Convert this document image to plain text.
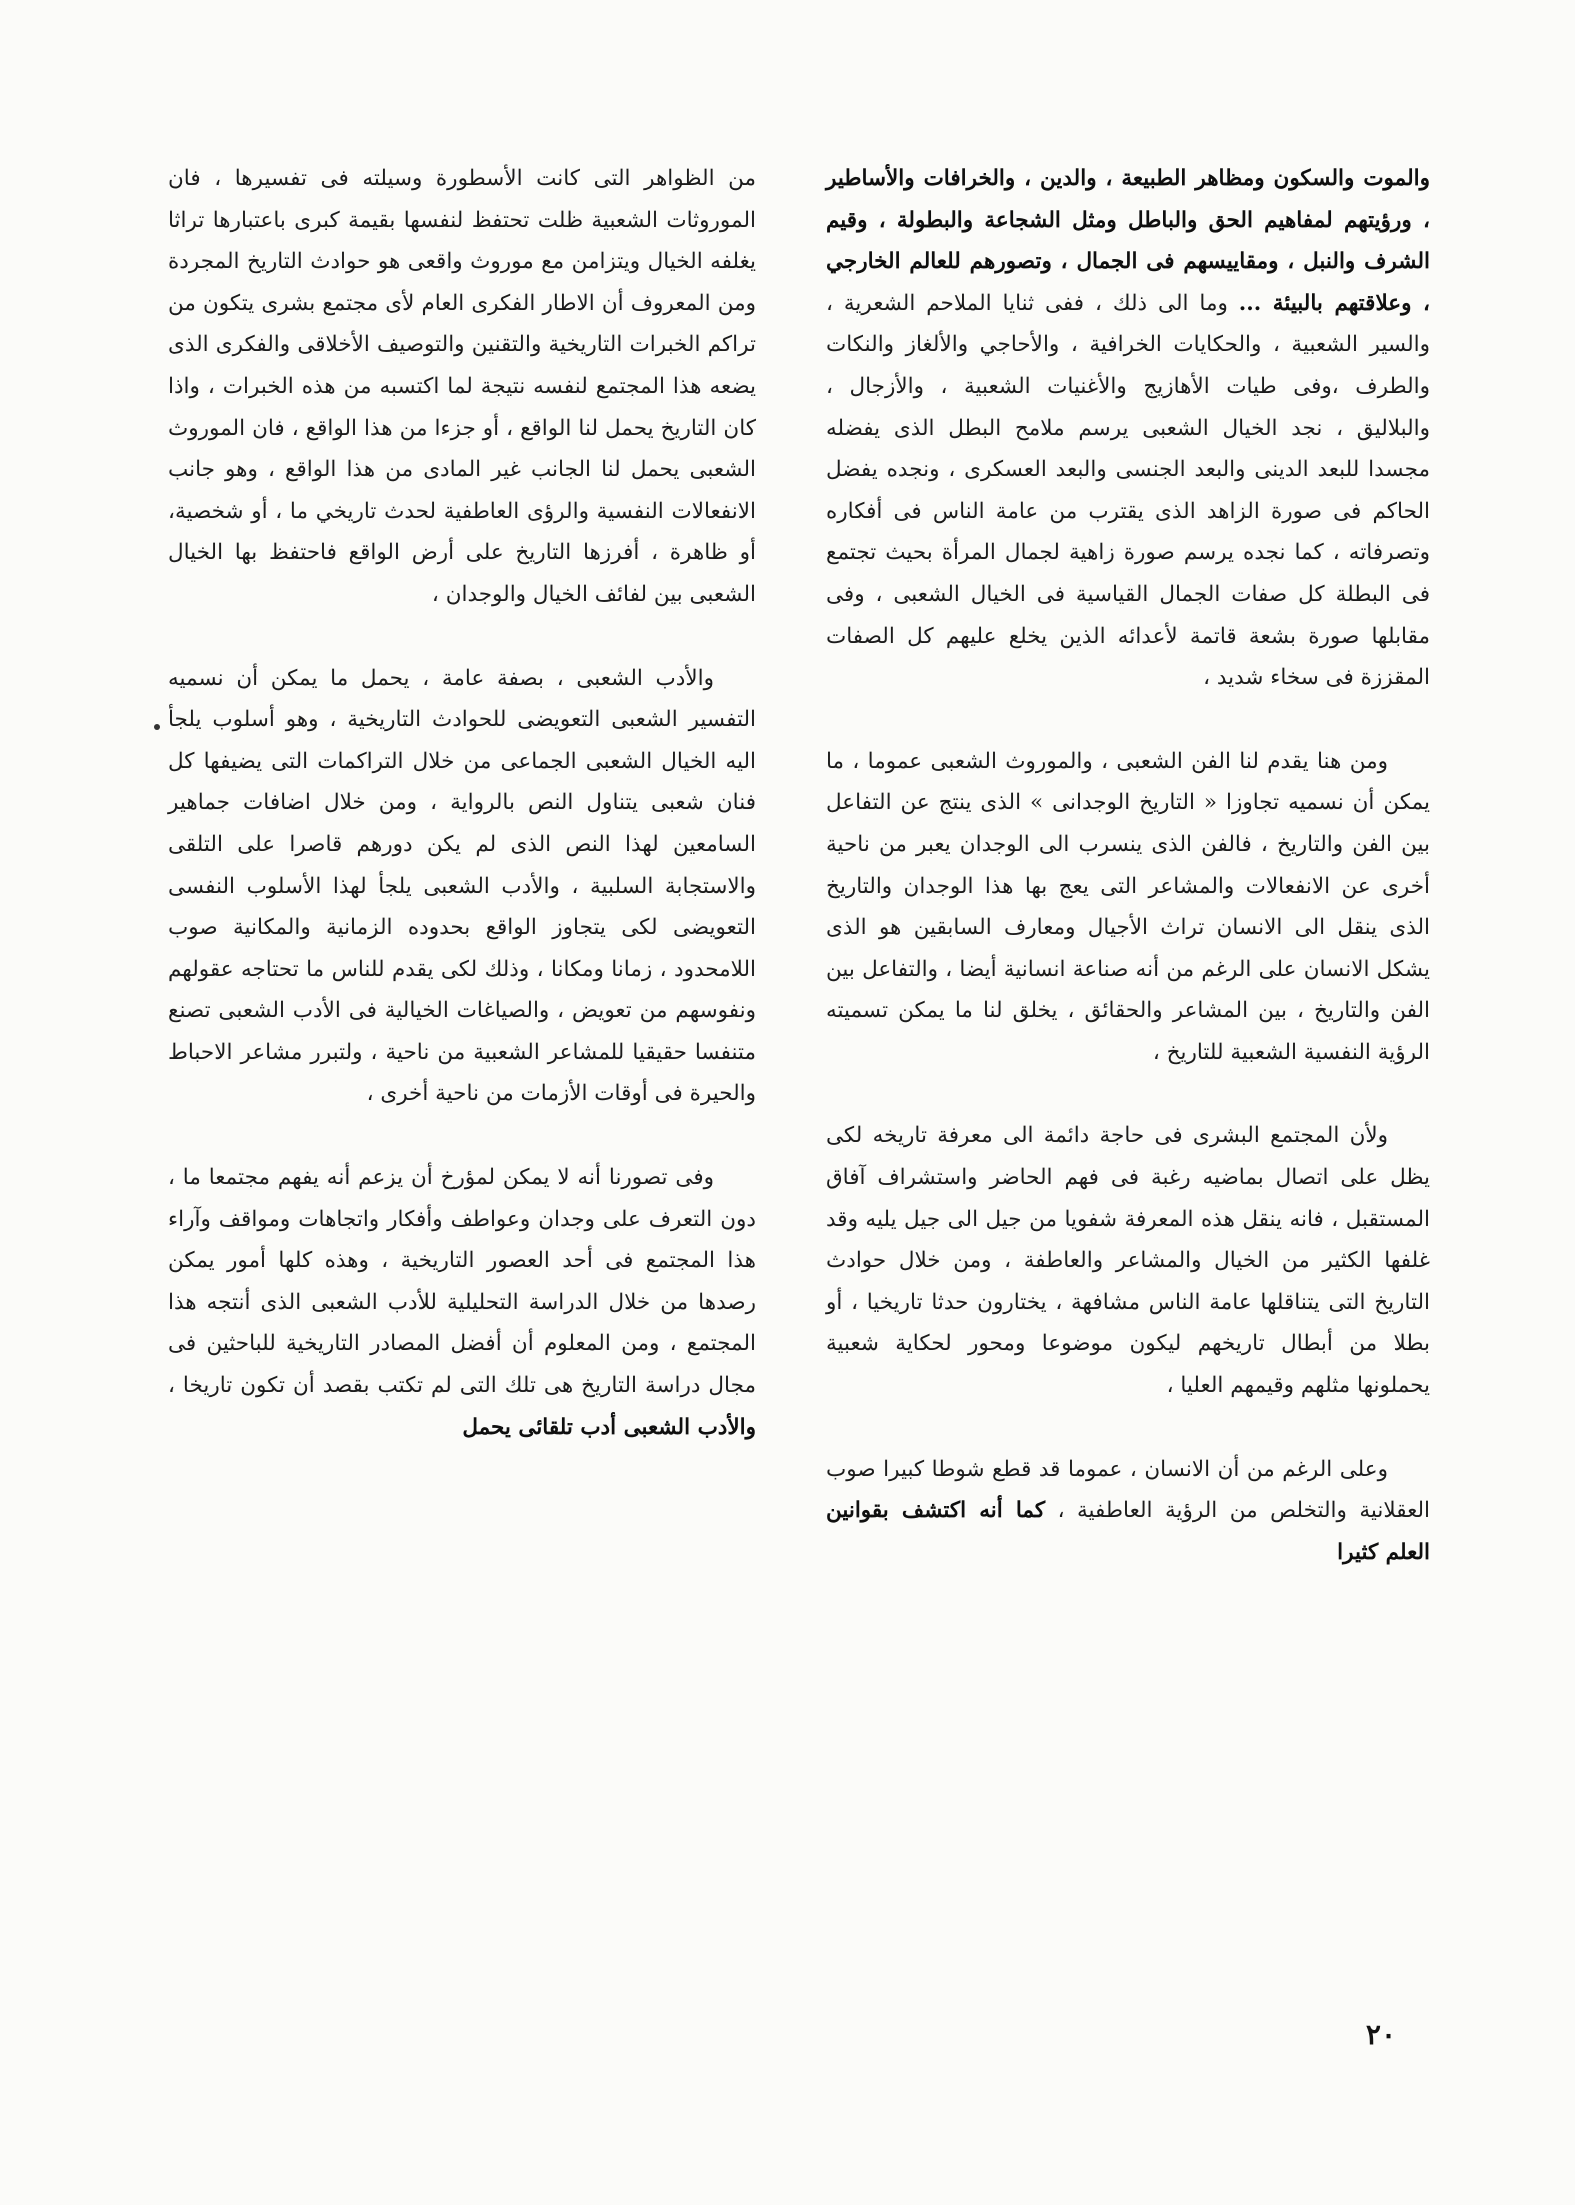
والموت والسكون ومظاهر الطبيعة ، والدين ، والخرافات والأساطير ، ورؤيتهم لمفاهيم الحق والباطل ومثل الشجاعة والبطولة ، وقيم الشرف والنبل ، ومقاييسهم فى الجمال ، وتصورهم للعالم الخارجي ، وعلاقتهم بالبيئة ... وما الى ذلك ، ففى ثنايا الملاحم الشعرية ، والسير الشعبية ، والحكايات الخرافية ، والأحاجي والألغاز والنكات والطرف ،وفى طيات الأهازيج والأغنيات الشعبية ، والأزجال ، والبلاليق ، نجد الخيال الشعبى يرسم ملامح البطل الذى يفضله مجسدا للبعد الدينى والبعد الجنسى والبعد العسكرى ، ونجده يفضل الحاكم فى صورة الزاهد الذى يقترب من عامة الناس فى أفكاره وتصرفاته ، كما نجده يرسم صورة زاهية لجمال المرأة بحيث تجتمع فى البطلة كل صفات الجمال القياسية فى الخيال الشعبى ، وفى مقابلها صورة بشعة قاتمة لأعدائه الذين يخلع عليهم كل الصفات المقززة فى سخاء شديد ،

ومن هنا يقدم لنا الفن الشعبى ، والموروث الشعبى عموما ، ما يمكن أن نسميه تجاوزا « التاريخ الوجدانى » الذى ينتج عن التفاعل بين الفن والتاريخ ، فالفن الذى ينسرب الى الوجدان يعبر من ناحية أخرى عن الانفعالات والمشاعر التى يعج بها هذا الوجدان والتاريخ الذى ينقل الى الانسان تراث الأجيال ومعارف السابقين هو الذى يشكل الانسان على الرغم من أنه صناعة انسانية أيضا ، والتفاعل بين الفن والتاريخ ، بين المشاعر والحقائق ، يخلق لنا ما يمكن تسميته الرؤية النفسية الشعبية للتاريخ ،

ولأن المجتمع البشرى فى حاجة دائمة الى معرفة تاريخه لكى يظل على اتصال بماضيه رغبة فى فهم الحاضر واستشراف آفاق المستقبل ، فانه ينقل هذه المعرفة شفويا من جيل الى جيل يليه وقد غلفها الكثير من الخيال والمشاعر والعاطفة ، ومن خلال حوادث التاريخ التى يتناقلها عامة الناس مشافهة ، يختارون حدثا تاريخيا ، أو بطلا من أبطال تاريخهم ليكون موضوعا ومحور لحكاية شعبية يحملونها مثلهم وقيمهم العليا ،

وعلى الرغم من أن الانسان ، عموما قد قطع شوطا كبيرا صوب العقلانية والتخلص من الرؤية العاطفية ، كما أنه اكتشف بقوانين العلم كثيرا

من الظواهر التى كانت الأسطورة وسيلته فى تفسيرها ، فان الموروثات الشعبية ظلت تحتفظ لنفسها بقيمة كبرى باعتبارها تراثا يغلفه الخيال ويتزامن مع موروث واقعى هو حوادث التاريخ المجردة ومن المعروف أن الاطار الفكرى العام لأى مجتمع بشرى يتكون من تراكم الخبرات التاريخية والتقنين والتوصيف الأخلاقى والفكرى الذى يضعه هذا المجتمع لنفسه نتيجة لما اكتسبه من هذه الخبرات ، واذا كان التاريخ يحمل لنا الواقع ، أو جزءا من هذا الواقع ، فان الموروث الشعبى يحمل لنا الجانب غير المادى من هذا الواقع ، وهو جانب الانفعالات النفسية والرؤى العاطفية لحدث تاريخي ما ، أو شخصية، أو ظاهرة ، أفرزها التاريخ على أرض الواقع فاحتفظ بها الخيال الشعبى بين لفائف الخيال والوجدان ،

والأدب الشعبى ، بصفة عامة ، يحمل ما يمكن أن نسميه التفسير الشعبى التعويضى للحوادث التاريخية ، وهو أسلوب يلجأ اليه الخيال الشعبى الجماعى من خلال التراكمات التى يضيفها كل فنان شعبى يتناول النص بالرواية ، ومن خلال اضافات جماهير السامعين لهذا النص الذى لم يكن دورهم قاصرا على التلقى والاستجابة السلبية ، والأدب الشعبى يلجأ لهذا الأسلوب النفسى التعويضى لكى يتجاوز الواقع بحدوده الزمانية والمكانية صوب اللامحدود ، زمانا ومكانا ، وذلك لكى يقدم للناس ما تحتاجه عقولهم ونفوسهم من تعويض ، والصياغات الخيالية فى الأدب الشعبى تصنع متنفسا حقيقيا للمشاعر الشعبية من ناحية ، ولتبرر مشاعر الاحباط والحيرة فى أوقات الأزمات من ناحية أخرى ،

وفى تصورنا أنه لا يمكن لمؤرخ أن يزعم أنه يفهم مجتمعا ما ، دون التعرف على وجدان وعواطف وأفكار واتجاهات ومواقف وآراء هذا المجتمع فى أحد العصور التاريخية ، وهذه كلها أمور يمكن رصدها من خلال الدراسة التحليلية للأدب الشعبى الذى أنتجه هذا المجتمع ، ومن المعلوم أن أفضل المصادر التاريخية للباحثين فى مجال دراسة التاريخ هى تلك التى لم تكتب بقصد أن تكون تاريخا ، والأدب الشعبى أدب تلقائى يحمل

٢٠
